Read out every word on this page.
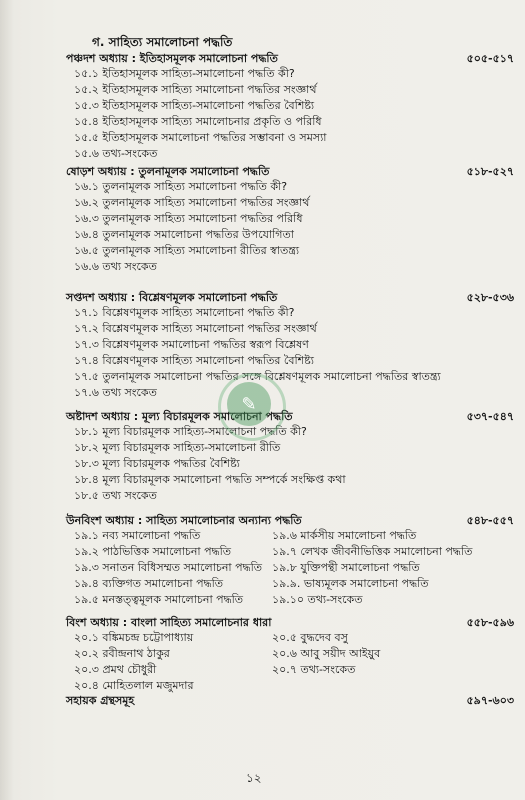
গ. সাহিত্য সমালোচনা পদ্ধতি
পঞ্চদশ অধ্যায় : ইতিহাসমূলক সমালোচনা পদ্ধতি	৫০৫-৫১৭
১৫.১ ইতিহাসমূলক সাহিত্য-সমালোচনা পদ্ধতি কী?
১৫.২ ইতিহাসমূলক সাহিত্য সমালোচনা পদ্ধতির সংজ্ঞার্থ
১৫.৩ ইতিহাসমূলক সাহিত্য-সমালোচনা পদ্ধতির বৈশিষ্ট্য
১৫.৪ ইতিহাসমূলক সাহিত্য সমালোচনার প্রকৃতি ও পরিধি
১৫.৫ ইতিহাসমূলক সমালোচনা পদ্ধতির সম্ভাবনা ও সমস্যা
১৫.৬ তথ্য-সংকেত
ষোড়শ অধ্যায় : তুলনামূলক সমালোচনা পদ্ধতি	৫১৮-৫২৭
১৬.১ তুলনামূলক সাহিত্য সমালোচনা পদ্ধতি কী?
১৬.২ তুলনামূলক সাহিত্য সমালোচনা পদ্ধতির সংজ্ঞার্থ
১৬.৩ তুলনামূলক সাহিত্য সমালোচনা পদ্ধতির পরিধি
১৬.৪ তুলনামূলক সমালোচনা পদ্ধতির উপযোগিতা
১৬.৫ তুলনামূলক সাহিত্য সমালোচনা রীতির স্বাতন্ত্র্য
১৬.৬ তথ্য সংকেত
সপ্তদশ অধ্যায় : বিশ্লেষণমূলক সমালোচনা পদ্ধতি	৫২৮-৫৩৬
১৭.১ বিশ্লেষণমূলক সাহিত্য সমালোচনা পদ্ধতি কী?
১৭.২ বিশ্লেষণমূলক সাহিত্য সমালোচনা পদ্ধতির সংজ্ঞার্থ
১৭.৩ বিশ্লেষণমূলক সমালোচনা পদ্ধতির স্বরূপ বিশ্লেষণ
১৭.৪ বিশ্লেষণমূলক সাহিত্য সমালোচনা পদ্ধতির বৈশিষ্ট্য
১৭.৫ তুলনামূলক সমালোচনা পদ্ধতির সঙ্গে বিশ্লেষণমূলক সমালোচনা পদ্ধতির স্বাতন্ত্র্য
১৭.৬ তথ্য সংকেত
অষ্টাদশ অধ্যায় : মূল্য বিচারমূলক সমালোচনা পদ্ধতি	৫৩৭-৫৪৭
১৮.১ মূল্য বিচারমূলক সাহিত্য-সমালোচনা পদ্ধতি কী?
১৮.২ মূল্য বিচারমূলক সাহিত্য-সমালোচনা রীতি
১৮.৩ মূল্য বিচারমূলক পদ্ধতির বৈশিষ্ট্য
১৮.৪ মূল্য বিচারমূলক সমালোচনা পদ্ধতি সম্পর্কে সংক্ষিপ্ত কথা
১৮.৫ তথ্য সংকেত
উনবিংশ অধ্যায় : সাহিত্য সমালোচনার অন্যান্য পদ্ধতি	৫৪৮-৫৫৭
১৯.১ নব্য সমালোচনা পদ্ধতি	১৯.৬ মার্কসীয় সমালোচনা পদ্ধতি
১৯.২ পাঠভিত্তিক সমালোচনা পদ্ধতি	১৯.৭ লেখক জীবনীভিত্তিক সমালোচনা পদ্ধতি
১৯.৩ সনাতন বিধিসম্মত সমালোচনা পদ্ধতি ১৯.৮ যুক্তিপন্থী সমালোচনা পদ্ধতি
১৯.৪ ব্যক্তিগত সমালোচনা পদ্ধতি	১৯.৯. ভাষ্যমূলক সমালোচনা পদ্ধতি
১৯.৫ মনস্তত্ত্বমূলক সমালোচনা পদ্ধতি	১৯.১০ তথ্য-সংকেত
বিংশ অধ্যায় : বাংলা সাহিত্য সমালোচনার ধারা	৫৫৮-৫৯৬
২০.১ বঙ্কিমচন্দ্র চট্টোপাধ্যায়	২০.৫ বুদ্ধদেব বসু
২০.২ রবীন্দ্রনাথ ঠাকুর	২০.৬ আবু সয়ীদ আইয়ুব
২০.৩ প্রমথ চৌধুরী	২০.৭ তথ্য-সংকেত
২০.৪ মোহিতলাল মজুমদার
সহায়ক গ্রন্থসমূহ	৫৯৭-৬০৩
✎
১২
